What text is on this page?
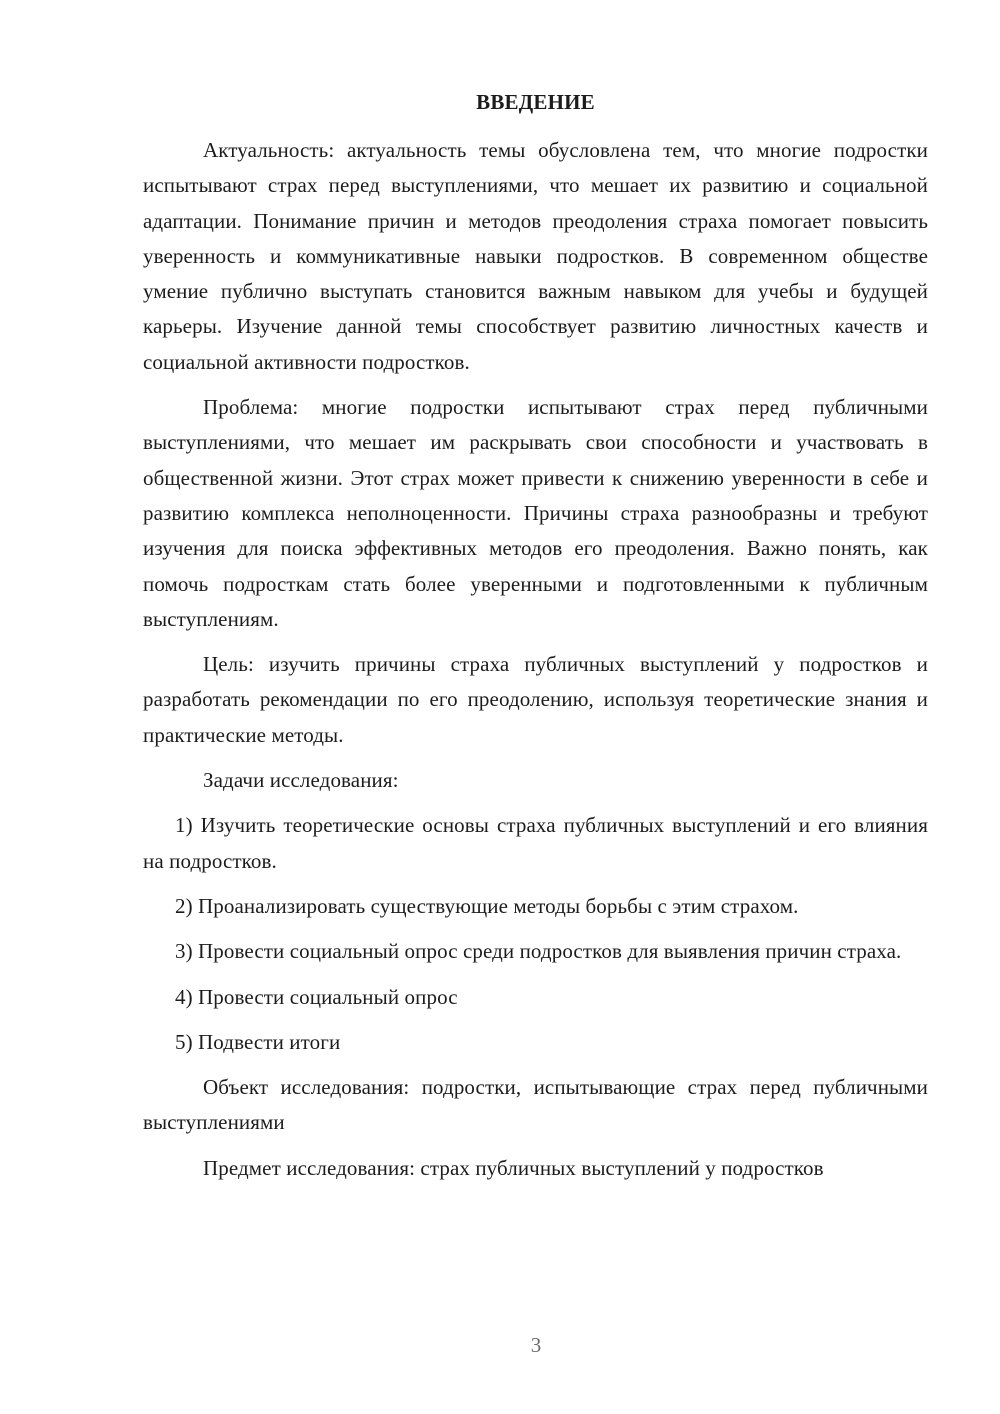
ВВЕДЕНИЕ

Актуальность: актуальность темы обусловлена тем, что многие подростки испытывают страх перед выступлениями, что мешает их развитию и социальной адаптации. Понимание причин и методов преодоления страха помогает повысить уверенность и коммуникативные навыки подростков. В современном обществе умение публично выступать становится важным навыком для учебы и будущей карьеры. Изучение данной темы способствует развитию личностных качеств и социальной активности подростков.

Проблема: многие подростки испытывают страх перед публичными выступлениями, что мешает им раскрывать свои способности и участвовать в общественной жизни. Этот страх может привести к снижению уверенности в себе и развитию комплекса неполноценности. Причины страха разнообразны и требуют изучения для поиска эффективных методов его преодоления. Важно понять, как помочь подросткам стать более уверенными и подготовленными к публичным выступлениям.

Цель: изучить причины страха публичных выступлений у подростков и разработать рекомендации по его преодолению, используя теоретические знания и практические методы.

Задачи исследования:

1) Изучить теоретические основы страха публичных выступлений и его влияния на подростков.

2) Проанализировать существующие методы борьбы с этим страхом.

3) Провести социальный опрос среди подростков для выявления причин страха.

4) Провести социальный опрос

5) Подвести итоги

Объект исследования: подростки, испытывающие страх перед публичными выступлениями

Предмет исследования: страх публичных выступлений у подростков

3
